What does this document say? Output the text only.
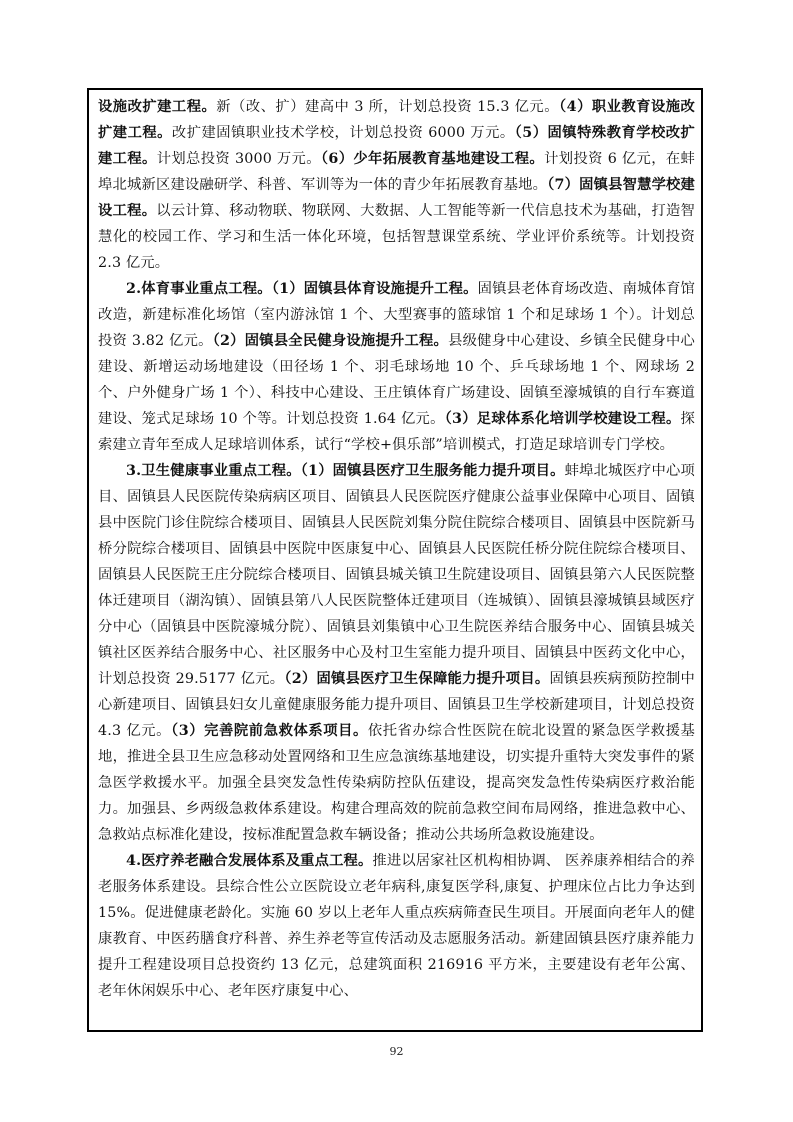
设施改扩建工程。新（改、扩）建高中 3 所，计划总投资 15.3 亿元。（4）职业教育设施改扩建工程。改扩建固镇职业技术学校，计划总投资 6000 万元。（5）固镇特殊教育学校改扩建工程。计划总投资 3000 万元。（6）少年拓展教育基地建设工程。计划投资 6 亿元，在蚌埠北城新区建设融研学、科普、军训等为一体的青少年拓展教育基地。（7）固镇县智慧学校建设工程。以云计算、移动物联、物联网、大数据、人工智能等新一代信息技术为基础，打造智慧化的校园工作、学习和生活一体化环境，包括智慧课堂系统、学业评价系统等。计划投资 2.3 亿元。

2.体育事业重点工程。（1）固镇县体育设施提升工程。固镇县老体育场改造、南城体育馆改造，新建标准化场馆（室内游泳馆 1 个、大型赛事的篮球馆 1 个和足球场 1 个）。计划总投资 3.82 亿元。（2）固镇县全民健身设施提升工程。县级健身中心建设、乡镇全民健身中心建设、新增运动场地建设（田径场 1 个、羽毛球场地 10 个、乒乓球场地 1 个、网球场 2 个、户外健身广场 1 个）、科技中心建设、王庄镇体育广场建设、固镇至濠城镇的自行车赛道建设、笼式足球场 10 个等。计划总投资 1.64 亿元。（3）足球体系化培训学校建设工程。探索建立青年至成人足球培训体系，试行“学校+俱乐部”培训模式，打造足球培训专门学校。

3.卫生健康事业重点工程。（1）固镇县医疗卫生服务能力提升项目。蚌埠北城医疗中心项目、固镇县人民医院传染病病区项目、固镇县人民医院医疗健康公益事业保障中心项目、固镇县中医院门诊住院综合楼项目、固镇县人民医院刘集分院住院综合楼项目、固镇县中医院新马桥分院综合楼项目、固镇县中医院中医康复中心、固镇县人民医院任桥分院住院综合楼项目、固镇县人民医院王庄分院综合楼项目、固镇县城关镇卫生院建设项目、固镇县第六人民医院整体迁建项目（湖沟镇）、固镇县第八人民医院整体迁建项目（连城镇）、固镇县濠城镇县域医疗分中心（固镇县中医院濠城分院）、固镇县刘集镇中心卫生院医养结合服务中心、固镇县城关镇社区医养结合服务中心、社区服务中心及村卫生室能力提升项目、固镇县中医药文化中心，计划总投资 29.5177 亿元。（2）固镇县医疗卫生保障能力提升项目。固镇县疾病预防控制中心新建项目、固镇县妇女儿童健康服务能力提升项目、固镇县卫生学校新建项目，计划总投资 4.3 亿元。（3）完善院前急救体系项目。依托省办综合性医院在皖北设置的紧急医学救援基地，推进全县卫生应急移动处置网络和卫生应急演练基地建设，切实提升重特大突发事件的紧急医学救援水平。加强全县突发急性传染病防控队伍建设，提高突发急性传染病医疗救治能力。加强县、乡两级急救体系建设。构建合理高效的院前急救空间布局网络，推进急救中心、急救站点标准化建设，按标准配置急救车辆设备；推动公共场所急救设施建设。

4.医疗养老融合发展体系及重点工程。推进以居家社区机构相协调、 医养康养相结合的养老服务体系建设。县综合性公立医院设立老年病科,康复医学科,康复、护理床位占比力争达到 15%。促进健康老龄化。实施 60 岁以上老年人重点疾病筛查民生项目。开展面向老年人的健康教育、中医药膳食疗科普、养生养老等宣传活动及志愿服务活动。新建固镇县医疗康养能力提升工程建设项目总投资约 13 亿元，总建筑面积 216916 平方米，主要建设有老年公寓、老年休闲娱乐中心、老年医疗康复中心、

92
